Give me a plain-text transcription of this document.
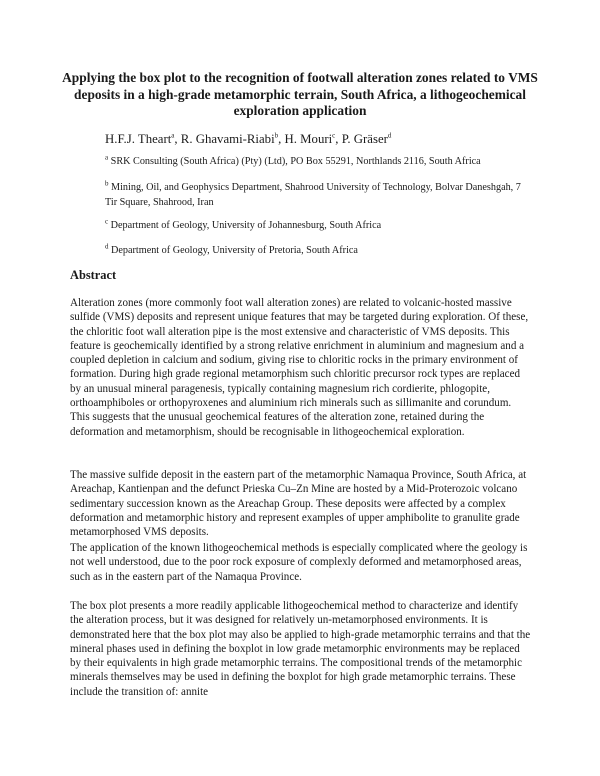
Applying the box plot to the recognition of footwall alteration zones related to VMS deposits in a high-grade metamorphic terrain, South Africa, a lithogeochemical exploration application
H.F.J. Theart$^a$, R. Ghavami-Riabi$^b$, H. Mouri$^c$, P. Gräser$^d$

$^a$ SRK Consulting (South Africa) (Pty) (Ltd), PO Box 55291, Northlands 2116, South Africa

$^b$ Mining, Oil, and Geophysics Department, Shahrood University of Technology, Bolvar Daneshgah, 7 Tir Square, Shahrood, Iran

$^c$ Department of Geology, University of Johannesburg, South Africa

$^d$ Department of Geology, University of Pretoria, South Africa

Abstract

Alteration zones (more commonly foot wall alteration zones) are related to volcanic-hosted massive sulfide (VMS) deposits and represent unique features that may be targeted during exploration. Of these, the chloritic foot wall alteration pipe is the most extensive and characteristic of VMS deposits. This feature is geochemically identified by a strong relative enrichment in aluminium and magnesium and a coupled depletion in calcium and sodium, giving rise to chloritic rocks in the primary environment of formation. During high grade regional metamorphism such chloritic precursor rock types are replaced by an unusual mineral paragenesis, typically containing magnesium rich cordierite, phlogopite, orthoamphiboles or orthopyroxenes and aluminium rich minerals such as sillimanite and corundum. This suggests that the unusual geochemical features of the alteration zone, retained during the deformation and metamorphism, should be recognisable in lithogeochemical exploration.

The massive sulfide deposit in the eastern part of the metamorphic Namaqua Province, South Africa, at Areachap, Kantienpan and the defunct Prieska Cu–Zn Mine are hosted by a Mid-Proterozoic volcano sedimentary succession known as the Areachap Group. These deposits were affected by a complex deformation and metamorphic history and represent examples of upper amphibolite to granulite grade metamorphosed VMS deposits.

The application of the known lithogeochemical methods is especially complicated where the geology is not well understood, due to the poor rock exposure of complexly deformed and metamorphosed areas, such as in the eastern part of the Namaqua Province.

The box plot presents a more readily applicable lithogeochemical method to characterize and identify the alteration process, but it was designed for relatively un-metamorphosed environments. It is demonstrated here that the box plot may also be applied to high-grade metamorphic terrains and that the mineral phases used in defining the boxplot in low grade metamorphic environments may be replaced by their equivalents in high grade metamorphic terrains. The compositional trends of the metamorphic minerals themselves may be used in defining the boxplot for high grade metamorphic terrains. These include the transition of: annite
